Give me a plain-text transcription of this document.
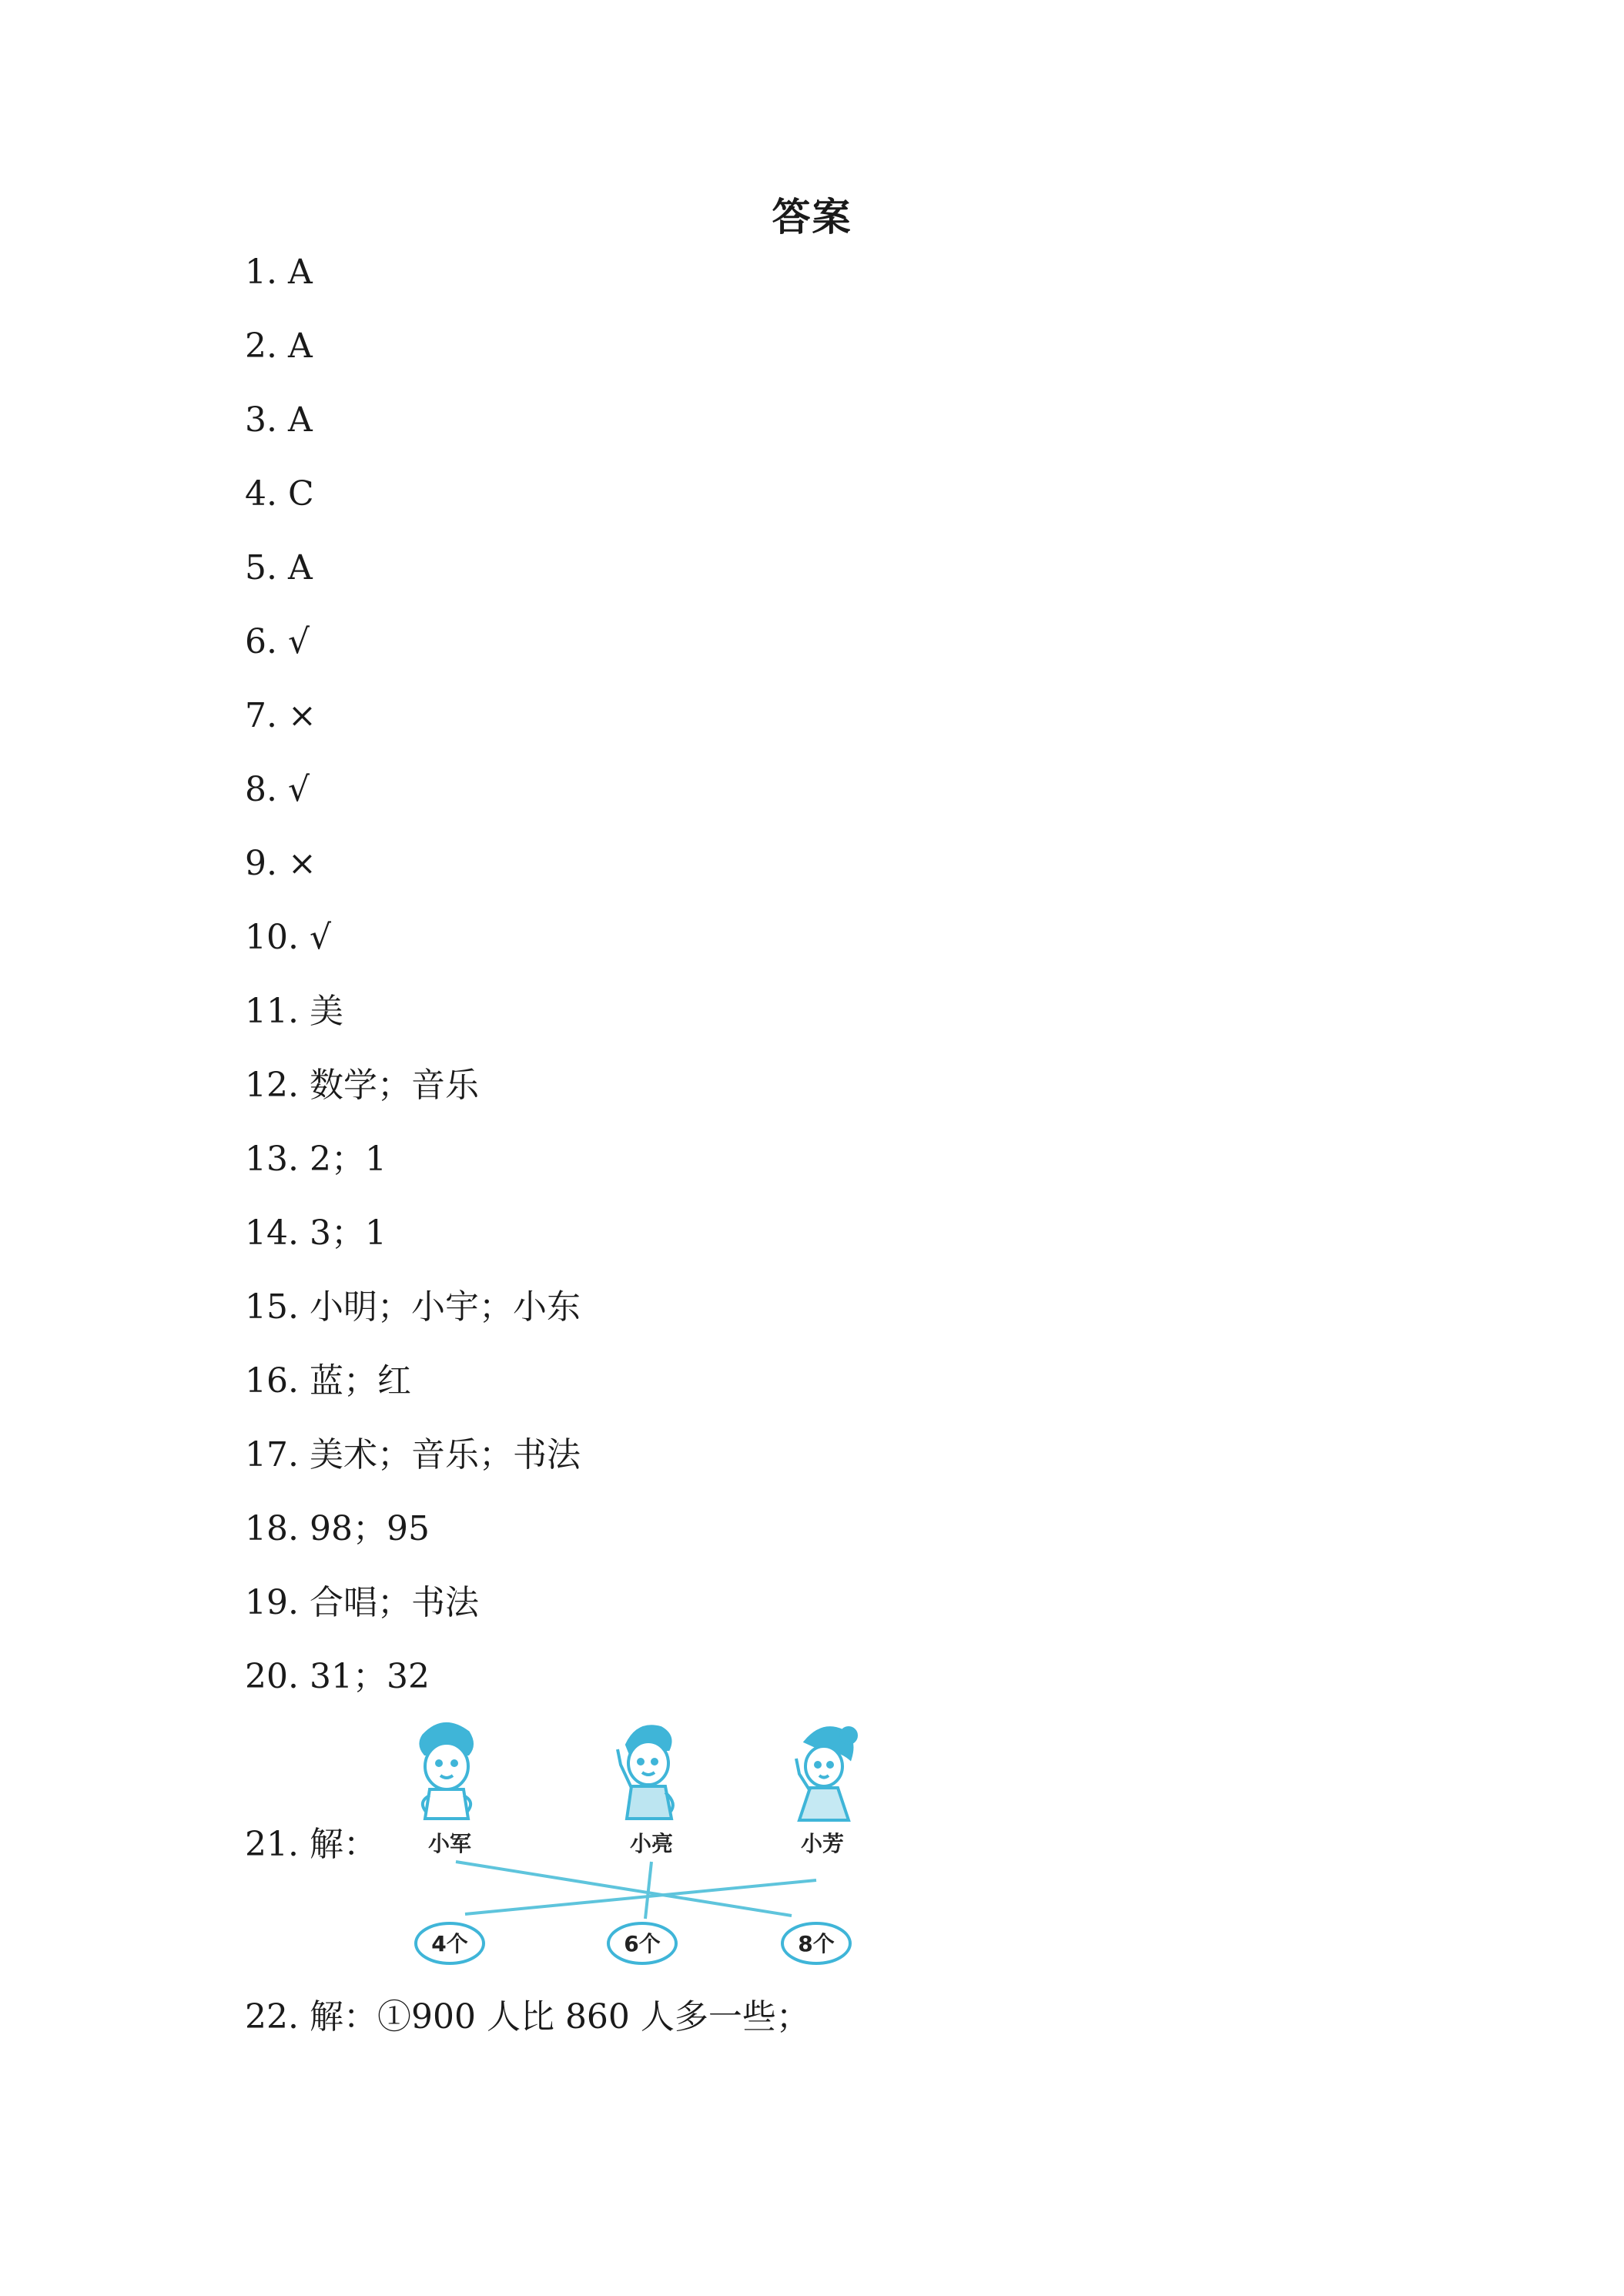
答案
1. A
2. A
3. A
4. C
5. A
6. √
7. ×
8. √
9. ×
10. √
11. 美
12. 数学；音乐
13. 2；1
14. 3；1
15. 小明；小宇；小东
16. 蓝；红
17. 美术；音乐；书法
18. 98；95
19. 合唱；书法
20. 31；32
21. 解：
22. 解：①900 人比 860 人多一些；
小军	小亮	小芳
4个	6个	8个
